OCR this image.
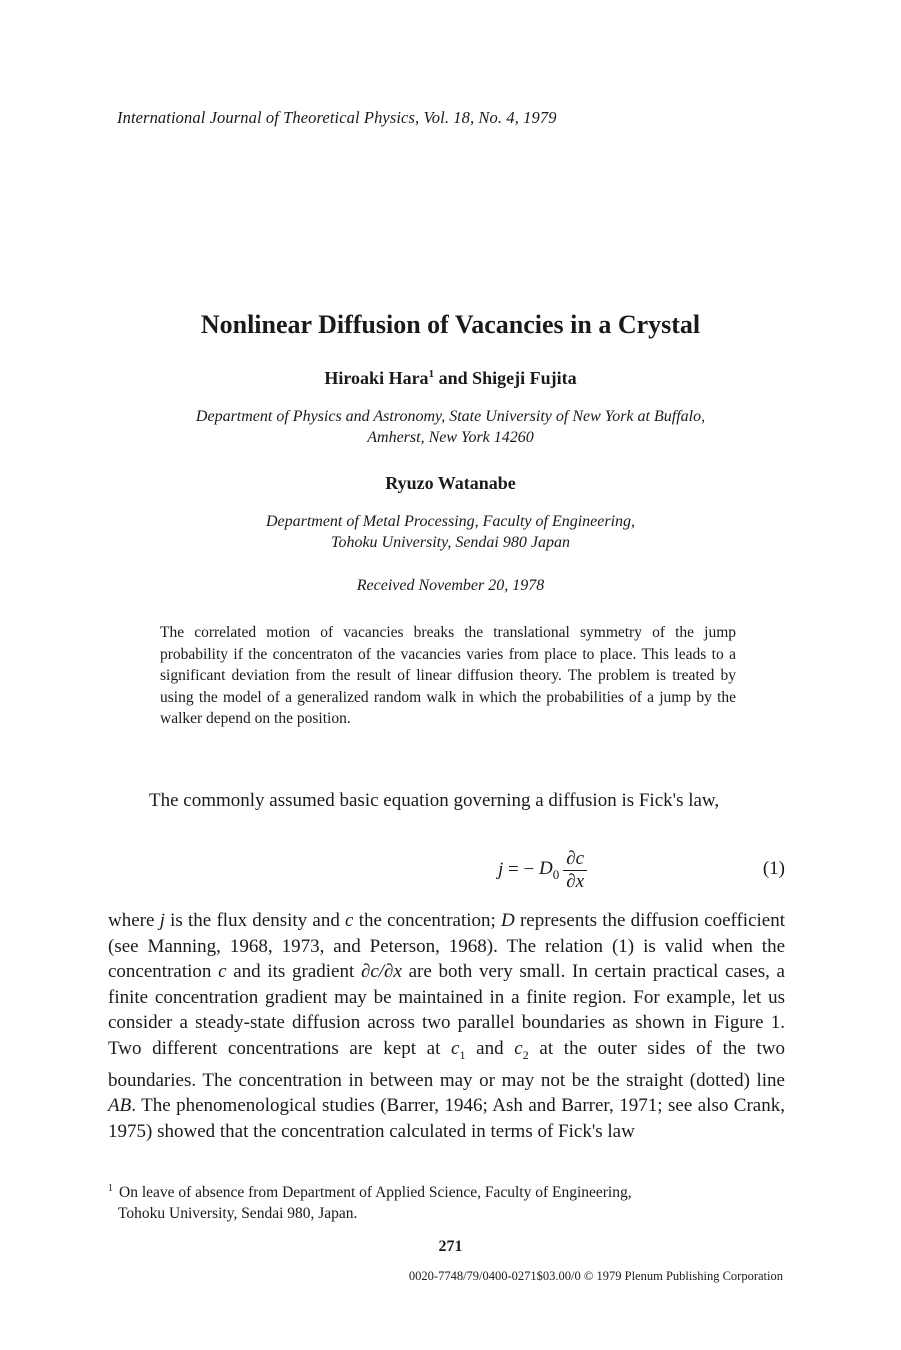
International Journal of Theoretical Physics, Vol. 18, No. 4, 1979
Nonlinear Diffusion of Vacancies in a Crystal
Hiroaki Hara$^1$ and Shigeji Fujita
Department of Physics and Astronomy, State University of New York at Buffalo,
Amherst, New York 14260
Ryuzo Watanabe
Department of Metal Processing, Faculty of Engineering,
Tohoku University, Sendai 980 Japan
Received November 20, 1978
The correlated motion of vacancies breaks the translational symmetry of the jump probability if the concentraton of the vacancies varies from place to place. This leads to a significant deviation from the result of linear diffusion theory. The problem is treated by using the model of a generalized random walk in which the probabilities of a jump by the walker depend on the position.
The commonly assumed basic equation governing a diffusion is Fick's law,
j = − $D_0 \frac{\partial c}{\partial x}$	(1)
where j is the flux density and c the concentration; D represents the diffusion coefficient (see Manning, 1968, 1973, and Peterson, 1968). The relation (1) is valid when the concentration c and its gradient ∂c/∂x are both very small. In certain practical cases, a finite concentration gradient may be maintained in a finite region. For example, let us consider a steady-state diffusion across two parallel boundaries as shown in Figure 1. Two different concentrations are kept at $c_1$ and $c_2$ at the outer sides of the two boundaries. The concentration in between may or may not be the straight (dotted) line AB. The phenomenological studies (Barrer, 1946; Ash and Barrer, 1971; see also Crank, 1975) showed that the concentration calculated in terms of Fick's law
$^1$ On leave of absence from Department of Applied Science, Faculty of Engineering,
Tohoku University, Sendai 980, Japan.
271
0020-7748/79/0400-0271$03.00/0 © 1979 Plenum Publishing Corporation
